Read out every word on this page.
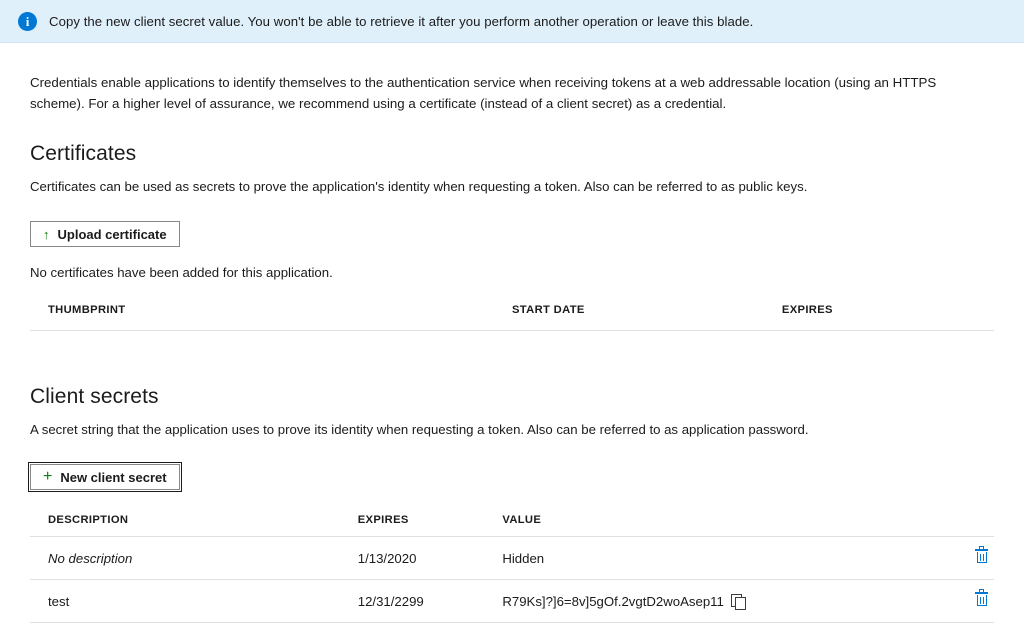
i	Copy the new client secret value. You won't be able to retrieve it after you perform another operation or leave this blade.

Credentials enable applications to identify themselves to the authentication service when receiving tokens at a web addressable location (using an HTTPS scheme). For a higher level of assurance, we recommend using a certificate (instead of a client secret) as a credential.

Certificates

Certificates can be used as secrets to prove the application's identity when requesting a token. Also can be referred to as public keys.

↑ Upload certificate

No certificates have been added for this application.

THUMBPRINT	START DATE	EXPIRES

Client secrets

A secret string that the application uses to prove its identity when requesting a token. Also can be referred to as application password.

+ New client secret
DESCRIPTION	EXPIRES	VALUE	
No description	1/13/2020	Hidden	

test	12/31/2299	R79Ks]?]6=8v]5gOf.2vgtD2woAsep11	
